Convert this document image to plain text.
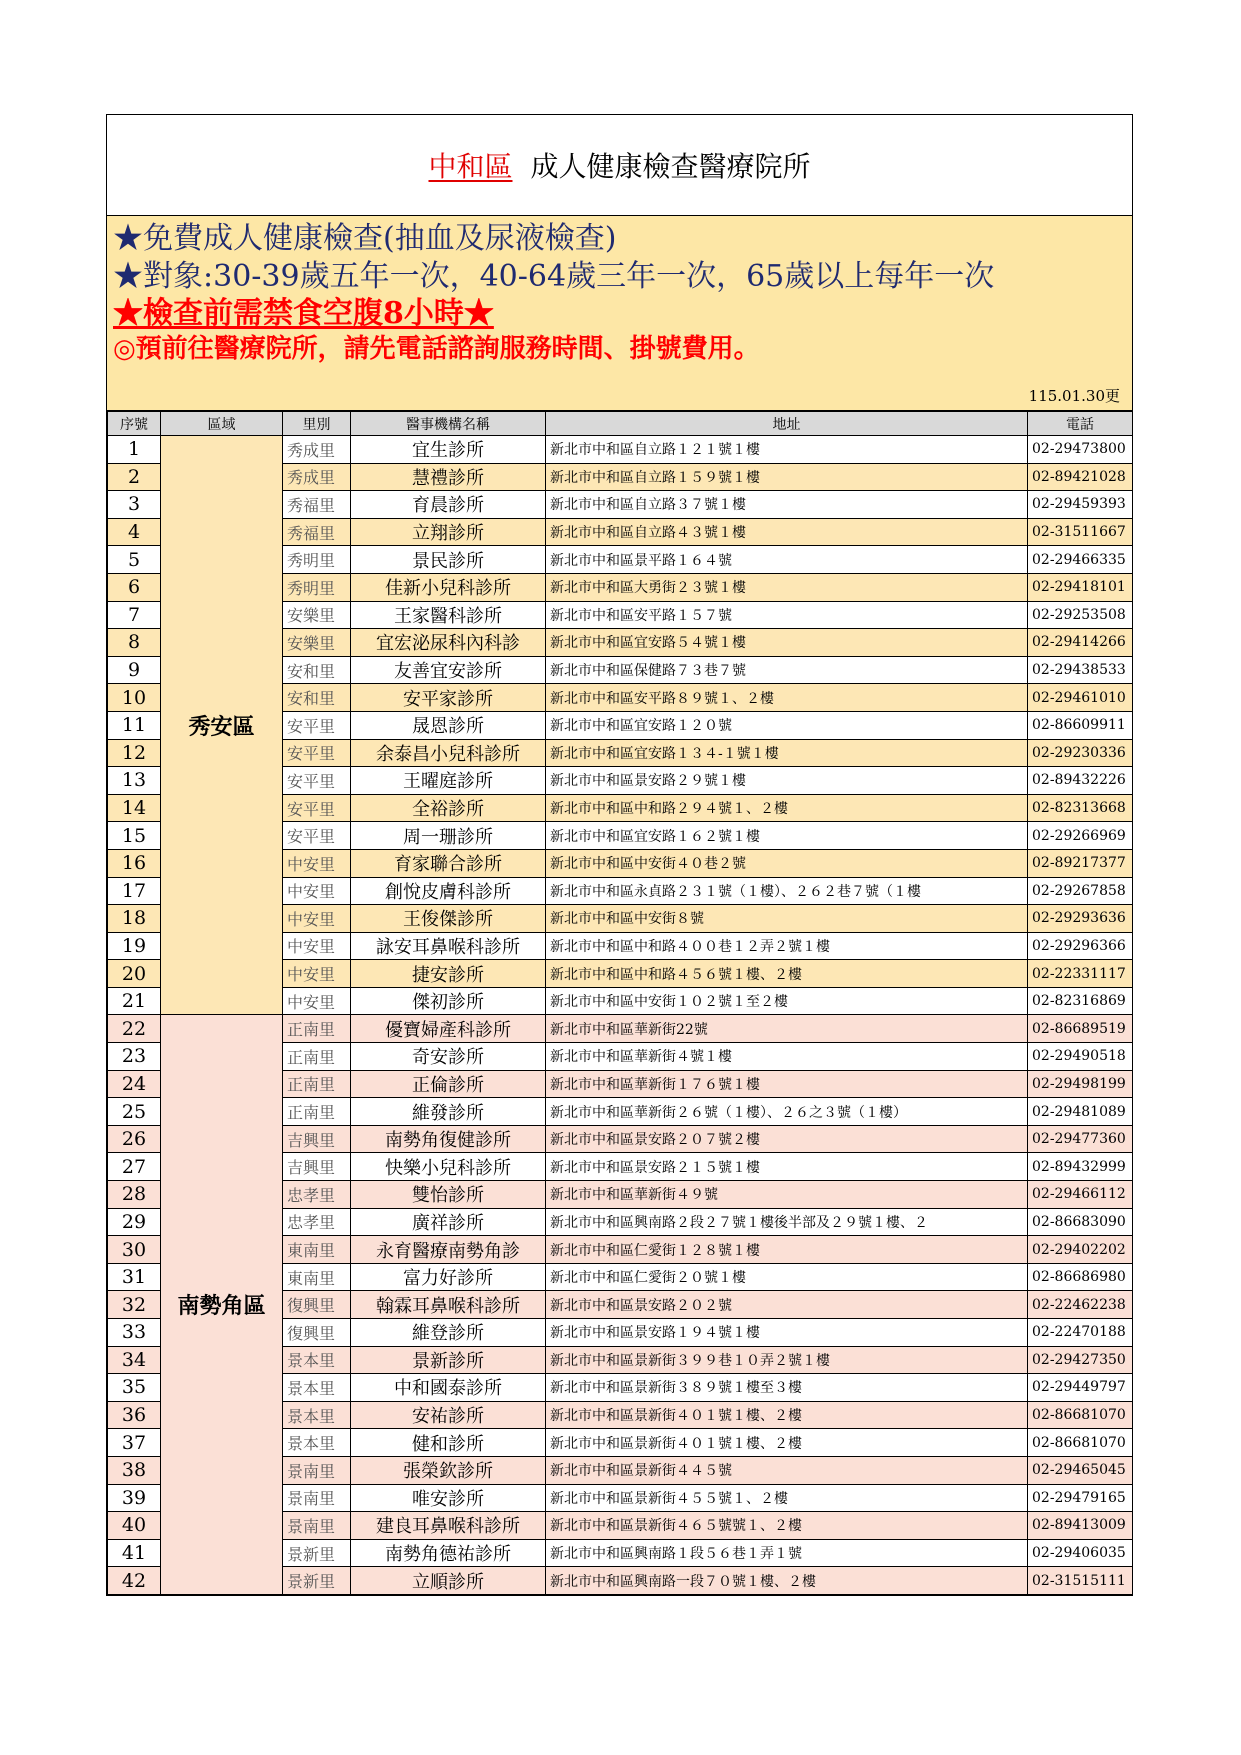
中和區 成人健康檢查醫療院所
★免費成人健康檢查(抽血及尿液檢查)
★對象:30-39歲五年一次，40-64歲三年一次，65歲以上每年一次
★檢查前需禁食空腹8小時★
◎預前往醫療院所，請先電話諮詢服務時間、掛號費用。
115.01.30更
序號	區域	里別	醫事機構名稱	地址	電話
1	秀安區	秀成里	宜生診所	新北市中和區自立路１２１號１樓	02-29473800
2		秀成里	慧禮診所	新北市中和區自立路１５９號１樓	02-89421028
3		秀福里	育晨診所	新北市中和區自立路３７號１樓	02-29459393
4		秀福里	立翔診所	新北市中和區自立路４３號１樓	02-31511667
5		秀明里	景民診所	新北市中和區景平路１６４號	02-29466335
6		秀明里	佳新小兒科診所	新北市中和區大勇街２３號１樓	02-29418101
7		安樂里	王家醫科診所	新北市中和區安平路１５７號	02-29253508
8		安樂里	宜宏泌尿科內科診	新北市中和區宜安路５４號１樓	02-29414266
9		安和里	友善宜安診所	新北市中和區保健路７３巷７號	02-29438533
10		安和里	安平家診所	新北市中和區安平路８９號１、２樓	02-29461010
11		安平里	晟恩診所	新北市中和區宜安路１２０號	02-86609911
12		安平里	余泰昌小兒科診所	新北市中和區宜安路１３４-１號１樓	02-29230336
13		安平里	王曜庭診所	新北市中和區景安路２９號１樓	02-89432226
14		安平里	全裕診所	新北市中和區中和路２９４號１、２樓	02-82313668
15		安平里	周一珊診所	新北市中和區宜安路１６２號１樓	02-29266969
16		中安里	育家聯合診所	新北市中和區中安街４０巷２號	02-89217377
17		中安里	創悅皮膚科診所	新北市中和區永貞路２３１號（１樓）、２６２巷７號（１樓	02-29267858
18		中安里	王俊傑診所	新北市中和區中安街８號	02-29293636
19		中安里	詠安耳鼻喉科診所	新北市中和區中和路４００巷１２弄２號１樓	02-29296366
20		中安里	捷安診所	新北市中和區中和路４５６號１樓、２樓	02-22331117
21		中安里	傑初診所	新北市中和區中安街１０２號１至２樓	02-82316869
22	南勢角區	正南里	優寶婦產科診所	新北市中和區華新街22號	02-86689519
23		正南里	奇安診所	新北市中和區華新街４號１樓	02-29490518
24		正南里	正倫診所	新北市中和區華新街１７６號１樓	02-29498199
25		正南里	維發診所	新北市中和區華新街２６號（１樓）、２６之３號（１樓）	02-29481089
26		吉興里	南勢角復健診所	新北市中和區景安路２０７號２樓	02-29477360
27		吉興里	快樂小兒科診所	新北市中和區景安路２１５號１樓	02-89432999
28		忠孝里	雙怡診所	新北市中和區華新街４９號	02-29466112
29		忠孝里	廣祥診所	新北市中和區興南路２段２７號１樓後半部及２９號１樓、２	02-86683090
30		東南里	永育醫療南勢角診	新北市中和區仁愛街１２８號１樓	02-29402202
31		東南里	富力好診所	新北市中和區仁愛街２０號１樓	02-86686980
32		復興里	翰霖耳鼻喉科診所	新北市中和區景安路２０２號	02-22462238
33		復興里	維登診所	新北市中和區景安路１９４號１樓	02-22470188
34		景本里	景新診所	新北市中和區景新街３９９巷１０弄２號１樓	02-29427350
35		景本里	中和國泰診所	新北市中和區景新街３８９號１樓至３樓	02-29449797
36		景本里	安祐診所	新北市中和區景新街４０１號１樓、２樓	02-86681070
37		景本里	健和診所	新北市中和區景新街４０１號１樓、２樓	02-86681070
38		景南里	張榮欽診所	新北市中和區景新街４４５號	02-29465045
39		景南里	唯安診所	新北市中和區景新街４５５號１、２樓	02-29479165
40		景南里	建良耳鼻喉科診所	新北市中和區景新街４６５號號１、２樓	02-89413009
41		景新里	南勢角德祐診所	新北市中和區興南路１段５６巷１弄１號	02-29406035
42		景新里	立順診所	新北市中和區興南路一段７０號１樓、２樓	02-31515111
